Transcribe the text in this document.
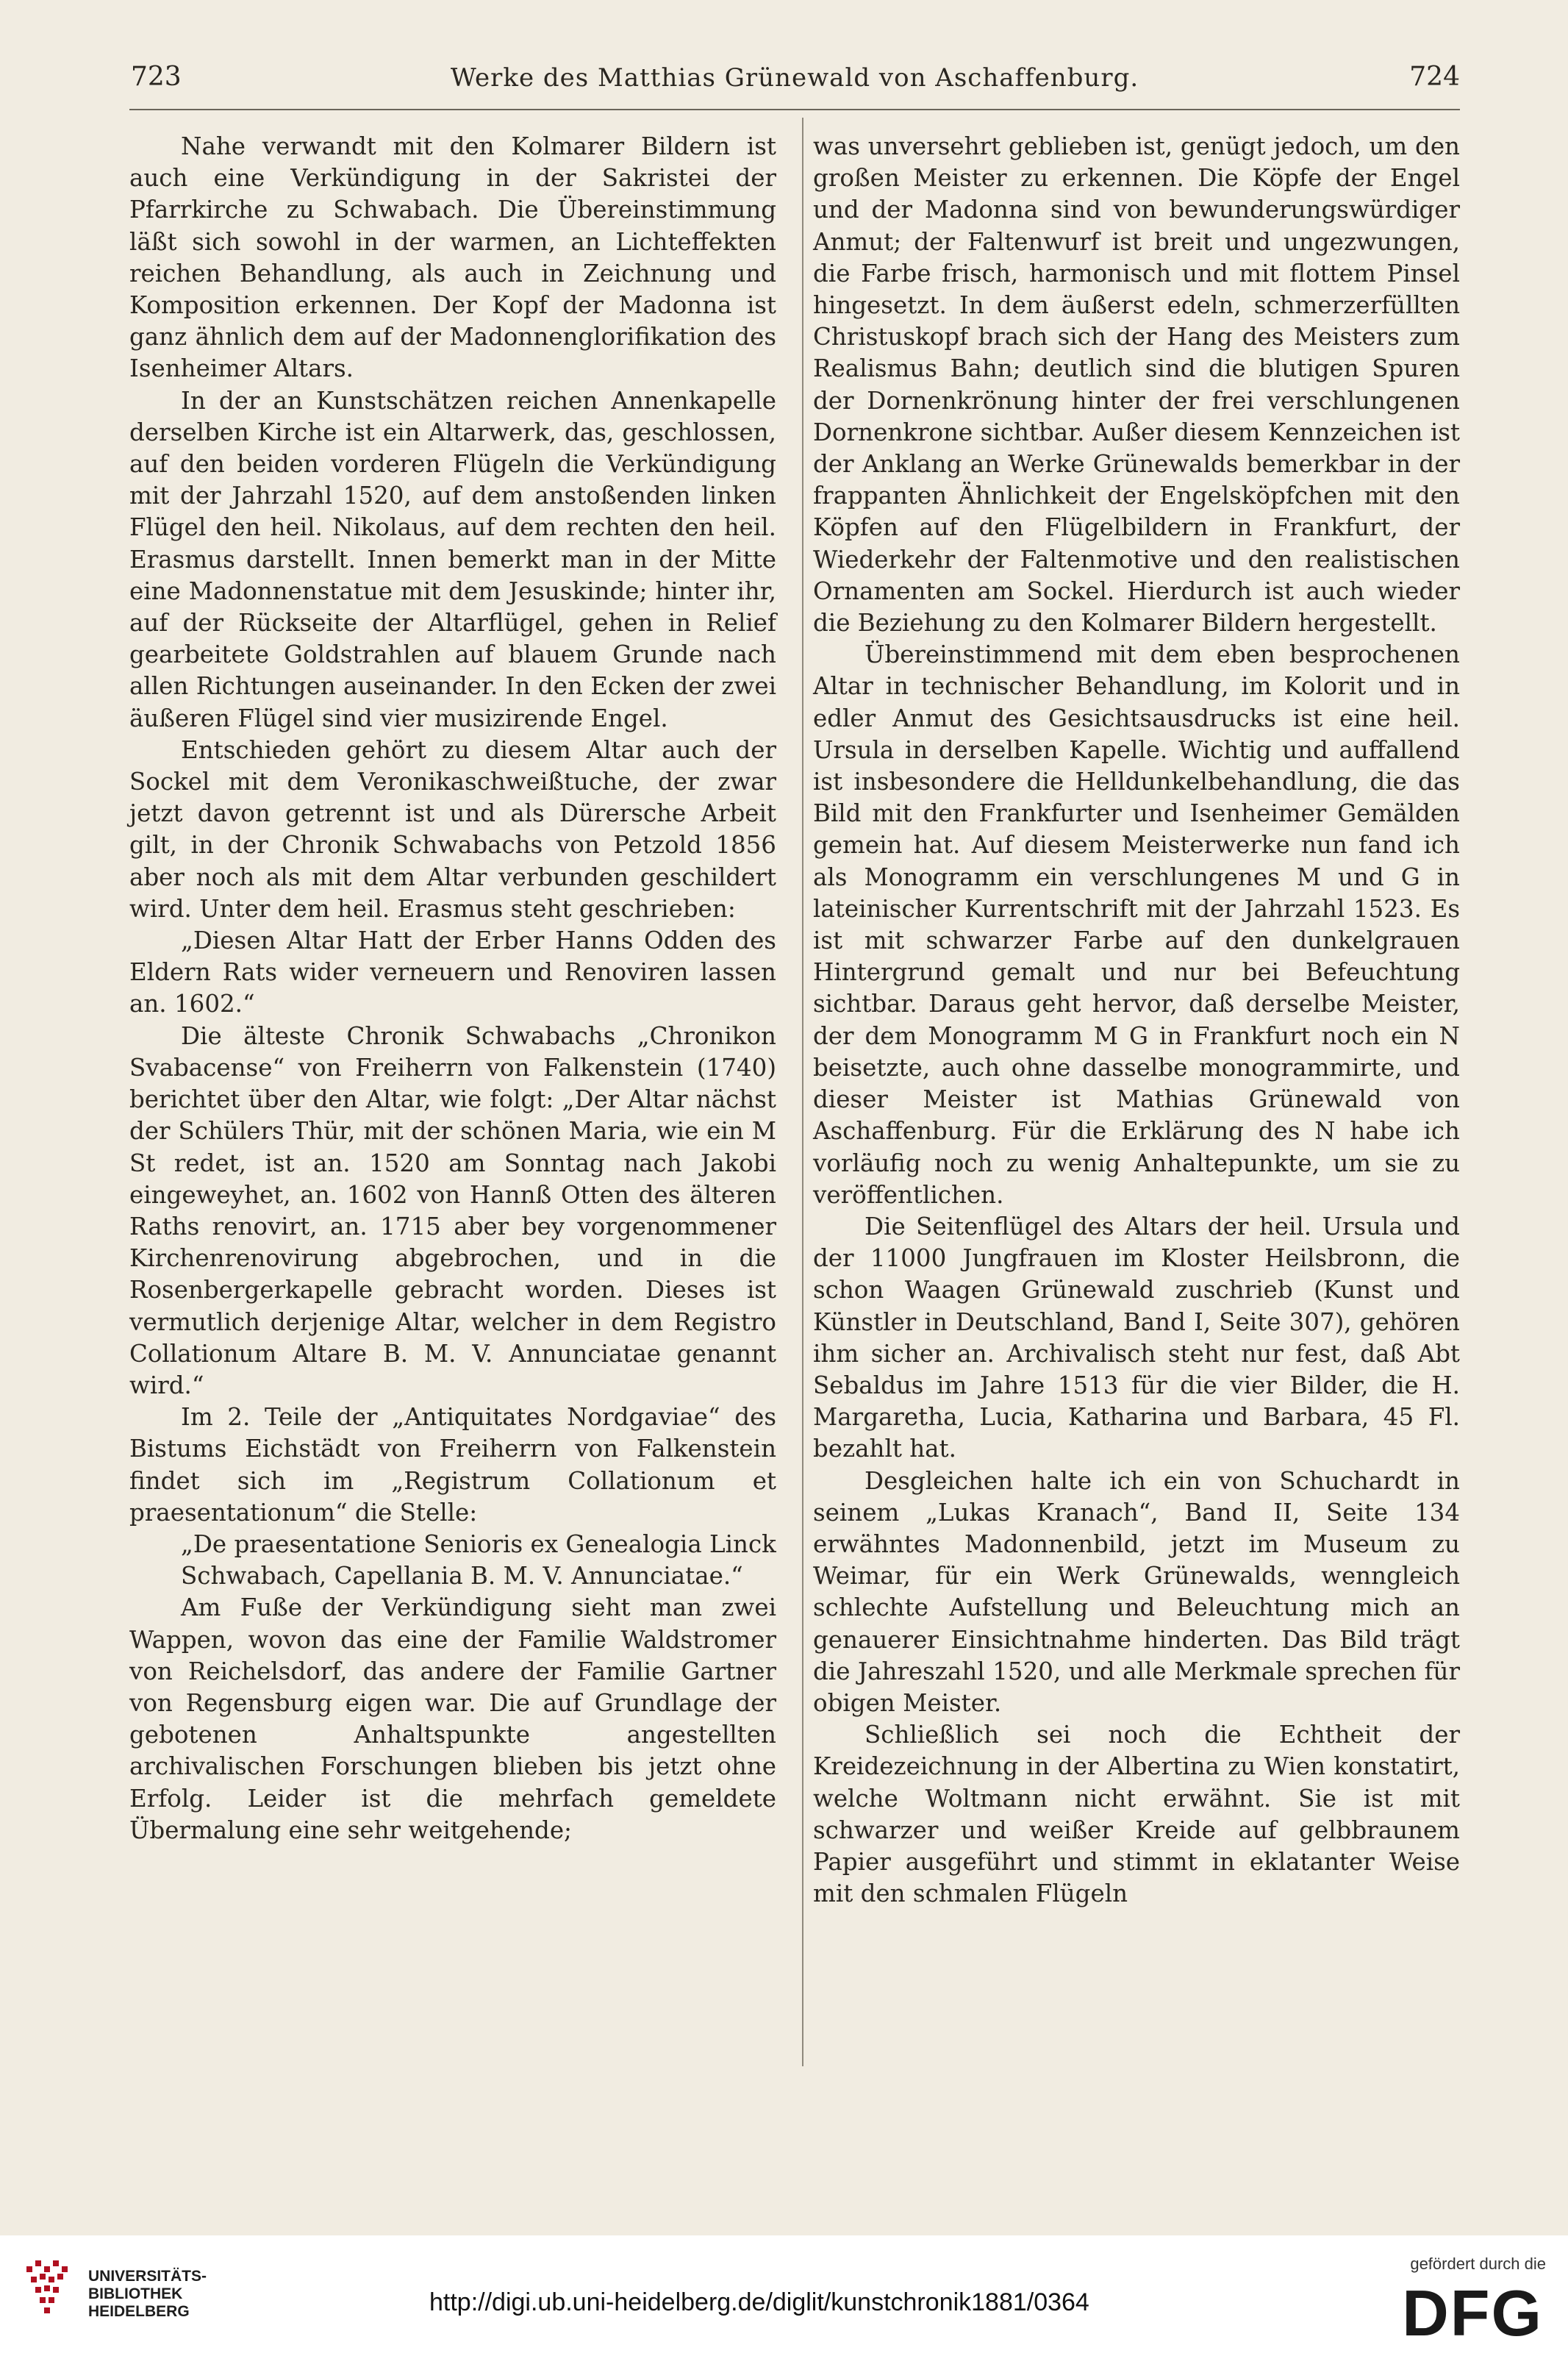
723	Werke des Matthias Grünewald von Aschaffenburg.	724

Nahe verwandt mit den Kolmarer Bildern ist auch eine Verkündigung in der Sakristei der Pfarrkirche zu Schwabach. Die Übereinstimmung läßt sich sowohl in der warmen, an Lichteffekten reichen Behandlung, als auch in Zeichnung und Komposition erkennen. Der Kopf der Madonna ist ganz ähnlich dem auf der Madonnenglorifikation des Isenheimer Altars.

In der an Kunstschätzen reichen Annenkapelle derselben Kirche ist ein Altarwerk, das, geschlossen, auf den beiden vorderen Flügeln die Verkündigung mit der Jahrzahl 1520, auf dem anstoßenden linken Flügel den heil. Nikolaus, auf dem rechten den heil. Erasmus darstellt. Innen bemerkt man in der Mitte eine Madonnenstatue mit dem Jesuskinde; hinter ihr, auf der Rückseite der Altarflügel, gehen in Relief gearbeitete Goldstrahlen auf blauem Grunde nach allen Richtungen auseinander. In den Ecken der zwei äußeren Flügel sind vier musizirende Engel.

Entschieden gehört zu diesem Altar auch der Sockel mit dem Veronikaschweißtuche, der zwar jetzt davon getrennt ist und als Dürersche Arbeit gilt, in der Chronik Schwabachs von Petzold 1856 aber noch als mit dem Altar verbunden geschildert wird. Unter dem heil. Erasmus steht geschrieben:

„Diesen Altar Hatt der Erber Hanns Odden des Eldern Rats wider verneuern und Renoviren lassen an. 1602.“

Die älteste Chronik Schwabachs „Chronikon Svabacense“ von Freiherrn von Falkenstein (1740) berichtet über den Altar, wie folgt: „Der Altar nächst der Schülers Thür, mit der schönen Maria, wie ein M St redet, ist an. 1520 am Sonntag nach Jakobi eingeweyhet, an. 1602 von Hannß Otten des älteren Raths renovirt, an. 1715 aber bey vorgenommener Kirchenrenovirung abgebrochen, und in die Rosenbergerkapelle gebracht worden. Dieses ist vermutlich derjenige Altar, welcher in dem Registro Collationum Altare B. M. V. Annunciatae genannt wird.“

Im 2. Teile der „Antiquitates Nordgaviae“ des Bistums Eichstädt von Freiherrn von Falkenstein findet sich im „Registrum Collationum et praesentationum“ die Stelle:

„De praesentatione Senioris ex Genealogia Linck

Schwabach, Capellania B. M. V. Annunciatae.“

Am Fuße der Verkündigung sieht man zwei Wappen, wovon das eine der Familie Waldstromer von Reichelsdorf, das andere der Familie Gartner von Regensburg eigen war. Die auf Grundlage der gebotenen Anhaltspunkte angestellten archivalischen Forschungen blieben bis jetzt ohne Erfolg. Leider ist die mehrfach gemeldete Übermalung eine sehr weitgehende;

was unversehrt geblieben ist, genügt jedoch, um den großen Meister zu erkennen. Die Köpfe der Engel und der Madonna sind von bewunderungswürdiger Anmut; der Faltenwurf ist breit und ungezwungen, die Farbe frisch, harmonisch und mit flottem Pinsel hingesetzt. In dem äußerst edeln, schmerzerfüllten Christuskopf brach sich der Hang des Meisters zum Realismus Bahn; deutlich sind die blutigen Spuren der Dornenkrönung hinter der frei verschlungenen Dornenkrone sichtbar. Außer diesem Kennzeichen ist der Anklang an Werke Grünewalds bemerkbar in der frappanten Ähnlichkeit der Engelsköpfchen mit den Köpfen auf den Flügelbildern in Frankfurt, der Wiederkehr der Faltenmotive und den realistischen Ornamenten am Sockel. Hierdurch ist auch wieder die Beziehung zu den Kolmarer Bildern hergestellt.

Übereinstimmend mit dem eben besprochenen Altar in technischer Behandlung, im Kolorit und in edler Anmut des Gesichtsausdrucks ist eine heil. Ursula in derselben Kapelle. Wichtig und auffallend ist insbesondere die Helldunkelbehandlung, die das Bild mit den Frankfurter und Isenheimer Gemälden gemein hat. Auf diesem Meisterwerke nun fand ich als Monogramm ein verschlungenes M und G in lateinischer Kurrentschrift mit der Jahrzahl 1523. Es ist mit schwarzer Farbe auf den dunkelgrauen Hintergrund gemalt und nur bei Befeuchtung sichtbar. Daraus geht hervor, daß derselbe Meister, der dem Monogramm M G in Frankfurt noch ein N beisetzte, auch ohne dasselbe monogrammirte, und dieser Meister ist Mathias Grünewald von Aschaffenburg. Für die Erklärung des N habe ich vorläufig noch zu wenig Anhaltepunkte, um sie zu veröffentlichen.

Die Seitenflügel des Altars der heil. Ursula und der 11000 Jungfrauen im Kloster Heilsbronn, die schon Waagen Grünewald zuschrieb (Kunst und Künstler in Deutschland, Band I, Seite 307), gehören ihm sicher an. Archivalisch steht nur fest, daß Abt Sebaldus im Jahre 1513 für die vier Bilder, die H. Margaretha, Lucia, Katharina und Barbara, 45 Fl. bezahlt hat.

Desgleichen halte ich ein von Schuchardt in seinem „Lukas Kranach“, Band II, Seite 134 erwähntes Madonnenbild, jetzt im Museum zu Weimar, für ein Werk Grünewalds, wenngleich schlechte Aufstellung und Beleuchtung mich an genauerer Einsichtnahme hinderten. Das Bild trägt die Jahreszahl 1520, und alle Merkmale sprechen für obigen Meister.

Schließlich sei noch die Echtheit der Kreidezeichnung in der Albertina zu Wien konstatirt, welche Woltmann nicht erwähnt. Sie ist mit schwarzer und weißer Kreide auf gelbbraunem Papier ausgeführt und stimmt in eklatanter Weise mit den schmalen Flügeln

UNIVERSITÄTS-
BIBLIOTHEK
HEIDELBERG	http://digi.ub.uni-heidelberg.de/diglit/kunstchronik1881/0364
gefördert durch die
DFG
